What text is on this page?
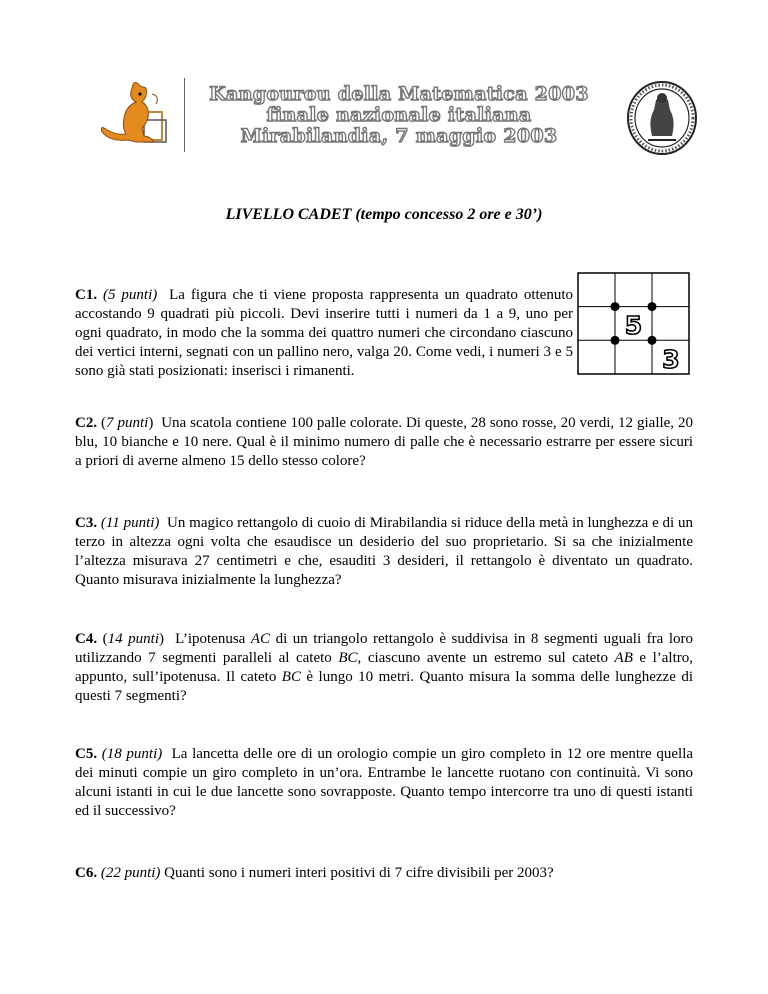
Kangourou della Matematica 2003
finale nazionale italiana
Mirabilandia, 7 maggio 2003
LIVELLO CADET (tempo concesso 2 ore e 30’)
C1. (5 punti) La figura che ti viene proposta rappresenta un quadrato ottenuto accostando 9 quadrati più piccoli. Devi inserire tutti i numeri da 1 a 9, uno per ogni quadrato, in modo che la somma dei quattro numeri che circondano ciascuno dei vertici interni, segnati con un pallino nero, valga 20. Come vedi, i numeri 3 e 5 sono già stati posizionati: inserisci i rimanenti.
5
3
C2. (7 punti) Una scatola contiene 100 palle colorate. Di queste, 28 sono rosse, 20 verdi, 12 gialle, 20 blu, 10 bianche e 10 nere. Qual è il minimo numero di palle che è necessario estrarre per essere sicuri a priori di averne almeno 15 dello stesso colore?
C3. (11 punti) Un magico rettangolo di cuoio di Mirabilandia si riduce della metà in lunghezza e di un terzo in altezza ogni volta che esaudisce un desiderio del suo proprietario. Si sa che inizialmente l’altezza misurava 27 centimetri e che, esauditi 3 desideri, il rettangolo è diventato un quadrato. Quanto misurava inizialmente la lunghezza?
C4. (14 punti) L’ipotenusa AC di un triangolo rettangolo è suddivisa in 8 segmenti uguali fra loro utilizzando 7 segmenti paralleli al cateto BC, ciascuno avente un estremo sul cateto AB e l’altro, appunto, sull’ipotenusa. Il cateto BC è lungo 10 metri. Quanto misura la somma delle lunghezze di questi 7 segmenti?
C5. (18 punti) La lancetta delle ore di un orologio compie un giro completo in 12 ore mentre quella dei minuti compie un giro completo in un’ora. Entrambe le lancette ruotano con continuità. Vi sono alcuni istanti in cui le due lancette sono sovrapposte. Quanto tempo intercorre tra uno di questi istanti ed il successivo?
C6. (22 punti) Quanti sono i numeri interi positivi di 7 cifre divisibili per 2003?
